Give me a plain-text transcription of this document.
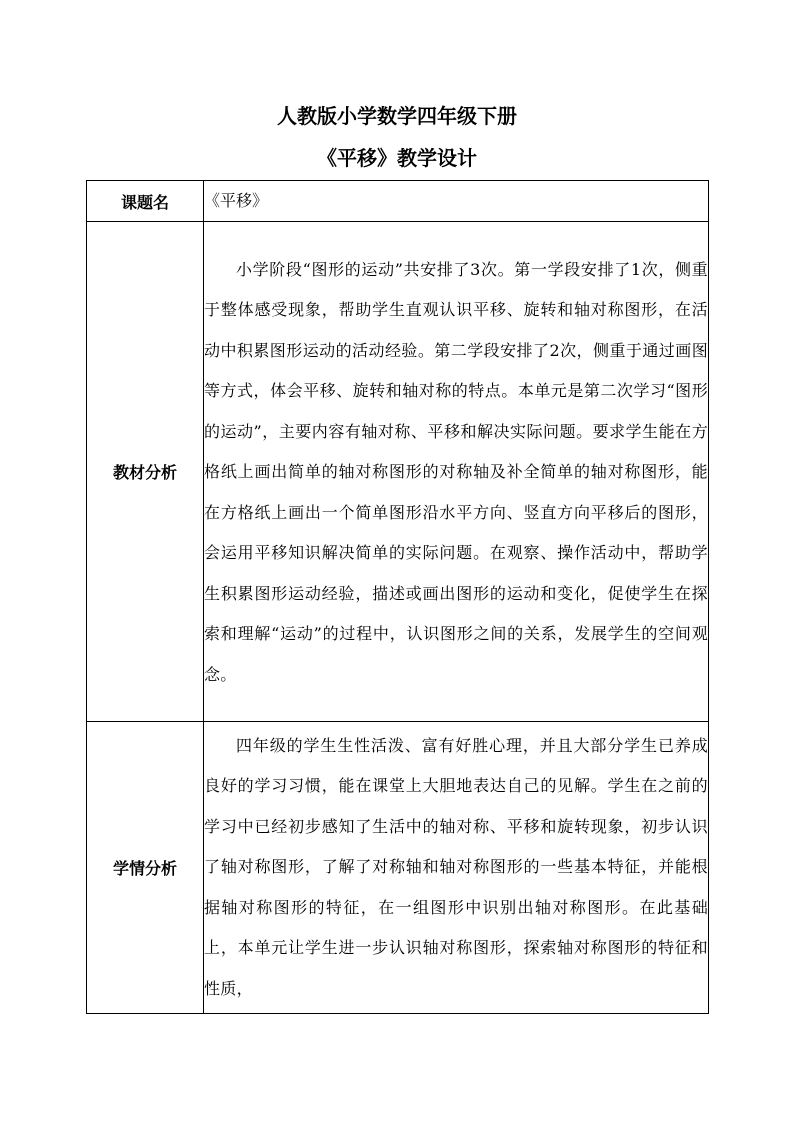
人教版小学数学四年级下册
《平移》教学设计
课题名	《平移》
教材分析	小学阶段“图形的运动”共安排了3次。第一学段安排了1次，侧重于整体感受现象，帮助学生直观认识平移、旋转和轴对称图形，在活动中积累图形运动的活动经验。第二学段安排了2次，侧重于通过画图等方式，体会平移、旋转和轴对称的特点。本单元是第二次学习“图形的运动”，主要内容有轴对称、平移和解决实际问题。要求学生能在方格纸上画出简单的轴对称图形的对称轴及补全简单的轴对称图形，能在方格纸上画出一个简单图形沿水平方向、竖直方向平移后的图形，会运用平移知识解决简单的实际问题。在观察、操作活动中，帮助学生积累图形运动经验，描述或画出图形的运动和变化，促使学生在探索和理解“运动”的过程中，认识图形之间的关系，发展学生的空间观念。

学情分析	四年级的学生生性活泼、富有好胜心理，并且大部分学生已养成良好的学习习惯，能在课堂上大胆地表达自己的见解。学生在之前的学习中已经初步感知了生活中的轴对称、平移和旋转现象，初步认识了轴对称图形，了解了对称轴和轴对称图形的一些基本特征，并能根据轴对称图形的特征，在一组图形中识别出轴对称图形。在此基础上，本单元让学生进一步认识轴对称图形，探索轴对称图形的特征和性质，
